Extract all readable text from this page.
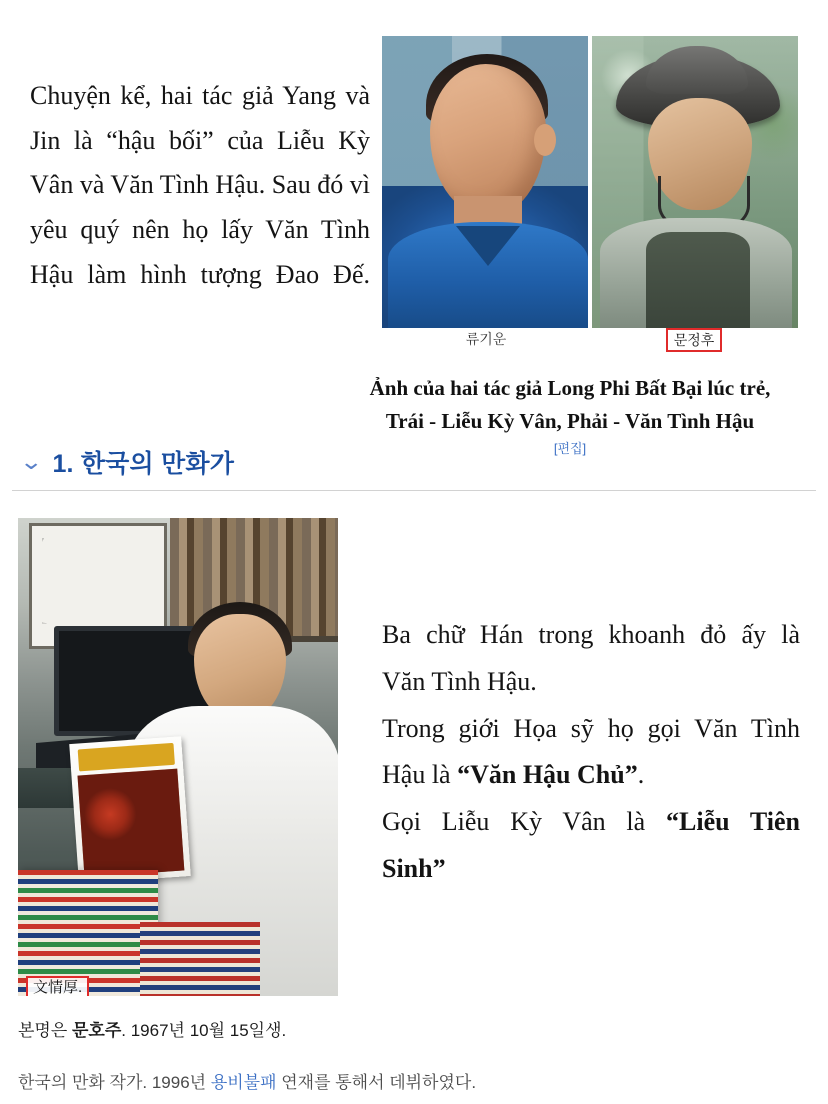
Chuyện kể, hai tác giả Yang và Jin là “hậu bối” của Liễu Kỳ Vân và Văn Tình Hậu. Sau đó vì yêu quý nên họ lấy Văn Tình Hậu làm hình tượng Đao Đế.

류기운	문정후
Ảnh của hai tác giả Long Phi Bất Bại lúc trẻ,
Trái - Liễu Kỳ Vân, Phải - Văn Tình Hậu
[편집]
⌄ 1. 한국의 만화가
文情厚.

Ba chữ Hán trong khoanh đỏ ấy là

Văn Tình Hậu.

Trong giới Họa sỹ họ gọi Văn Tình

Hậu là “Văn Hậu Chủ”.

Gọi Liễu Kỳ Vân là “Liễu Tiên

Sinh”

본명은 문호주. 1967년 10월 15일생.
한국의 만화 작가. 1996년 용비불패 연재를 통해서 데뷔하였다.
